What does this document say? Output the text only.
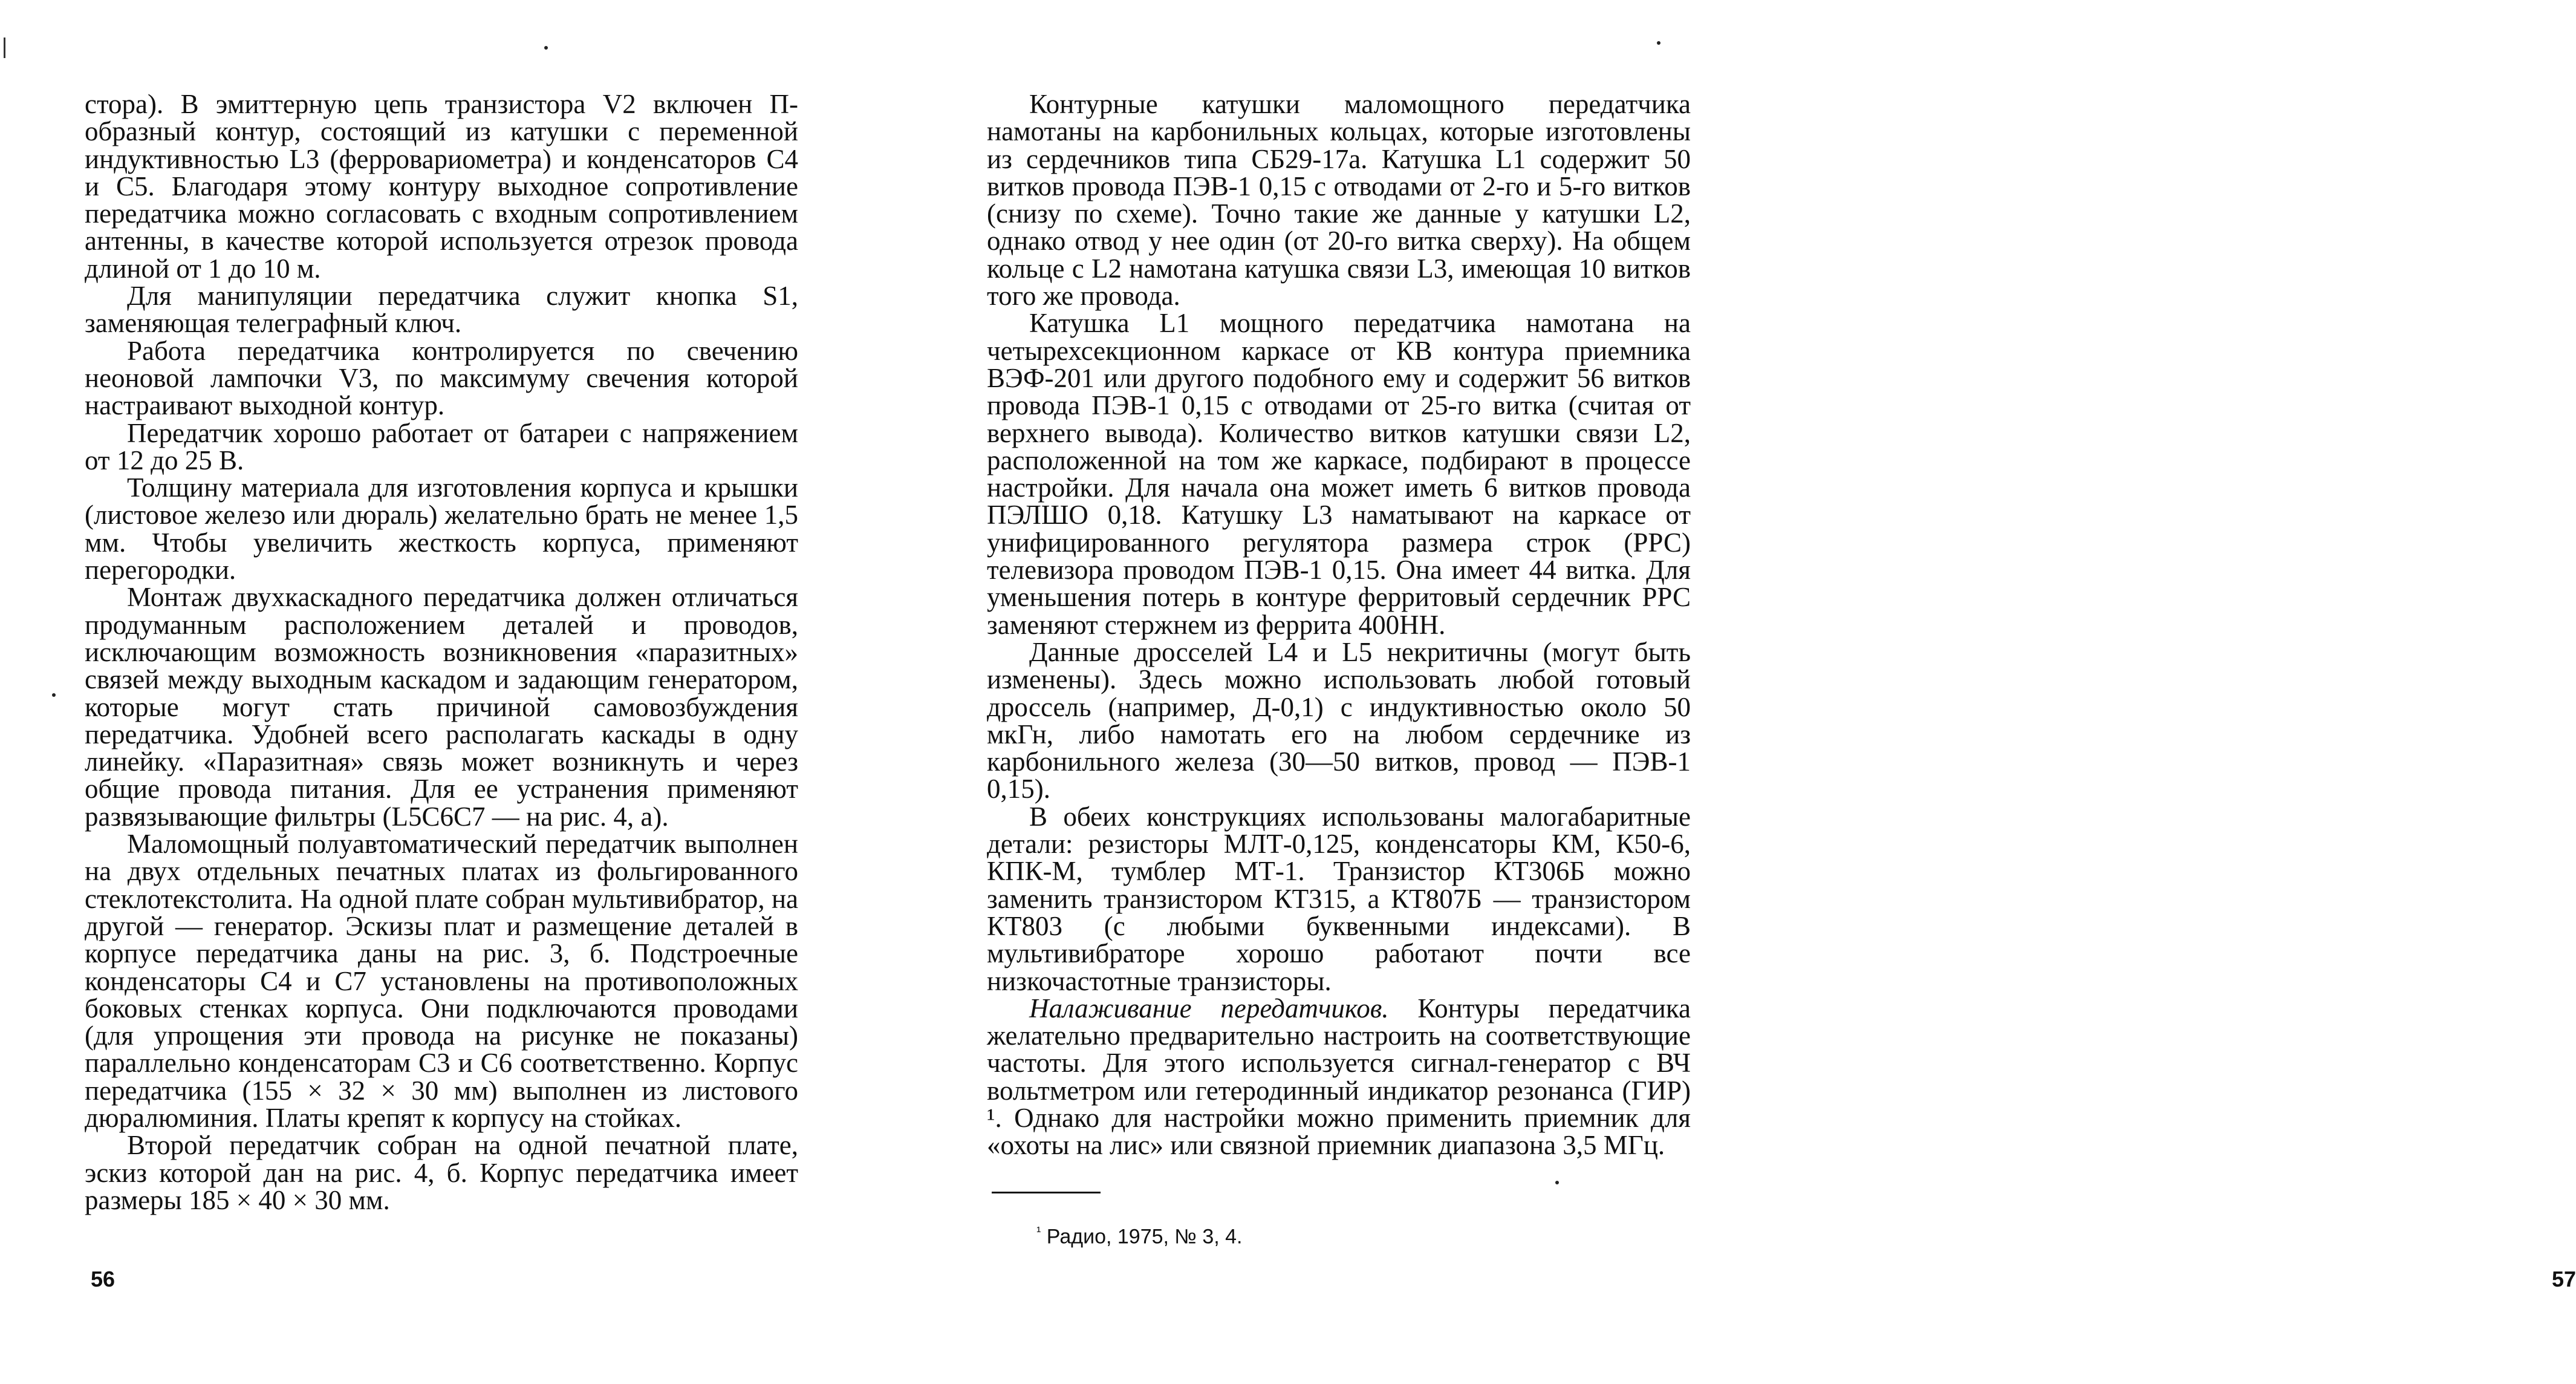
стора). В эмиттерную цепь транзистора V2 включен П-образный контур, состоящий из катушки с переменной индуктивностью L3 (ферровариометра) и конденсаторов C4 и C5. Благодаря этому контуру выходное сопротивление передатчика можно согласовать с входным сопротивлением антенны, в качестве которой используется отрезок провода длиной от 1 до 10 м.

Для манипуляции передатчика служит кнопка S1, заменяющая телеграфный ключ.

Работа передатчика контролируется по свечению неоновой лампочки V3, по максимуму свечения которой настраивают выходной контур.

Передатчик хорошо работает от батареи с напряжением от 12 до 25 В.

Толщину материала для изготовления корпуса и крышки (листовое железо или дюраль) желательно брать не менее 1,5 мм. Чтобы увеличить жесткость корпуса, применяют перегородки.

Монтаж двухкаскадного передатчика должен отличаться продуманным расположением деталей и проводов, исключающим возможность возникновения «паразитных» связей между выходным каскадом и задающим генератором, которые могут стать причиной самовозбуждения передатчика. Удобней всего располагать каскады в одну линейку. «Паразитная» связь может возникнуть и через общие провода питания. Для ее устранения применяют развязывающие фильтры (L5C6C7 — на рис. 4, а).

Маломощный полуавтоматический передатчик выполнен на двух отдельных печатных платах из фольгированного стеклотекстолита. На одной плате собран мультивибратор, на другой — генератор. Эскизы плат и размещение деталей в корпусе передатчика даны на рис. 3, б. Подстроечные конденсаторы C4 и C7 установлены на противоположных боковых стенках корпуса. Они подключаются проводами (для упрощения эти провода на рисунке не показаны) параллельно конденсаторам C3 и C6 соответственно. Корпус передатчика (155 × 32 × 30 мм) выполнен из листового дюралюминия. Платы крепят к корпусу на стойках.

Второй передатчик собран на одной печатной плате, эскиз которой дан на рис. 4, б. Корпус передатчика имеет размеры 185 × 40 × 30 мм.

56

Контурные катушки маломощного передатчика намотаны на карбонильных кольцах, которые изготовлены из сердечников типа СБ29-17а. Катушка L1 содержит 50 витков провода ПЭВ-1 0,15 с отводами от 2-го и 5-го витков (снизу по схеме). Точно такие же данные у катушки L2, однако отвод у нее один (от 20-го витка сверху). На общем кольце с L2 намотана катушка связи L3, имеющая 10 витков того же провода.

Катушка L1 мощного передатчика намотана на четырехсекционном каркасе от КВ контура приемника ВЭФ-201 или другого подобного ему и содержит 56 витков провода ПЭВ-1 0,15 с отводами от 25-го витка (считая от верхнего вывода). Количество витков катушки связи L2, расположенной на том же каркасе, подбирают в процессе настройки. Для начала она может иметь 6 витков провода ПЭЛШО 0,18. Катушку L3 наматывают на каркасе от унифицированного регулятора размера строк (РРС) телевизора проводом ПЭВ-1 0,15. Она имеет 44 витка. Для уменьшения потерь в контуре ферритовый сердечник РРС заменяют стержнем из феррита 400НН.

Данные дросселей L4 и L5 некритичны (могут быть изменены). Здесь можно использовать любой готовый дроссель (например, Д-0,1) с индуктивностью около 50 мкГн, либо намотать его на любом сердечнике из карбонильного железа (30—50 витков, провод — ПЭВ-1 0,15).

В обеих конструкциях использованы малогабаритные детали: резисторы МЛТ-0,125, конденсаторы КМ, К50-6, КПК-М, тумблер МТ-1. Транзистор КТ306Б можно заменить транзистором КТ315, а КТ807Б — транзистором КТ803 (с любыми буквенными индексами). В мультивибраторе хорошо работают почти все низкочастотные транзисторы.

Налаживание передатчиков. Контуры передатчика желательно предварительно настроить на соответствующие частоты. Для этого используется сигнал-генератор с ВЧ вольтметром или гетеродинный индикатор резонанса (ГИР) ¹. Однако для настройки можно применить приемник для «охоты на лис» или связной приемник диапазона 3,5 МГц.

57
$^{^1}$ Радио, 1975, № 3, 4.
